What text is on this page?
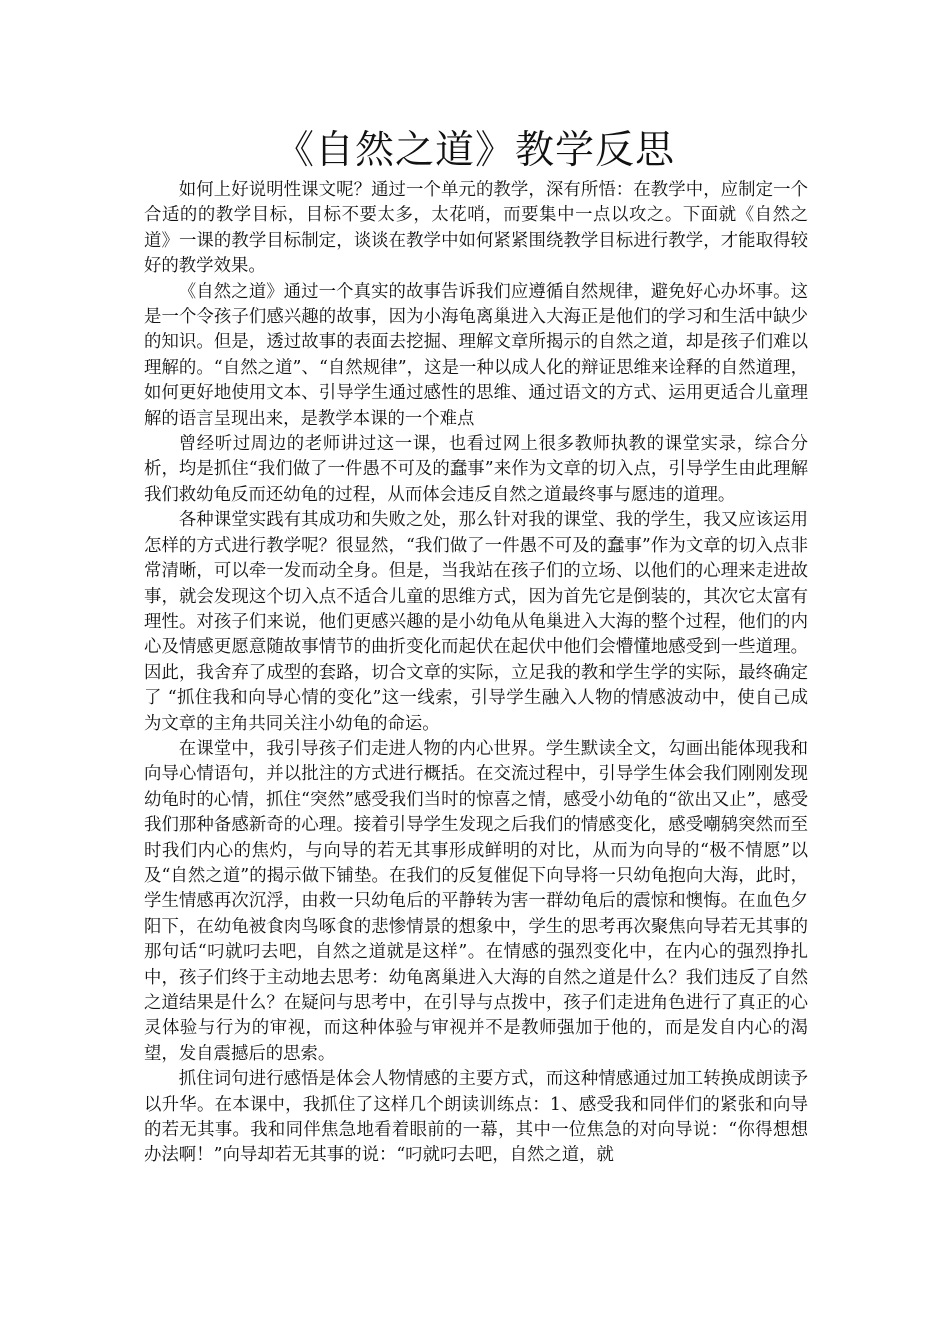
《自然之道》教学反思

如何上好说明性课文呢？通过一个单元的教学，深有所悟：在教学中，应制定一个合适的的教学目标，目标不要太多，太花哨，而要集中一点以攻之。下面就《自然之道》一课的教学目标制定，谈谈在教学中如何紧紧围绕教学目标进行教学，才能取得较好的教学效果。

《自然之道》通过一个真实的故事告诉我们应遵循自然规律，避免好心办坏事。这是一个令孩子们感兴趣的故事，因为小海龟离巢进入大海正是他们的学习和生活中缺少的知识。但是，透过故事的表面去挖掘、理解文章所揭示的自然之道，却是孩子们难以理解的。“自然之道”、“自然规律”，这是一种以成人化的辩证思维来诠释的自然道理，如何更好地使用文本、引导学生通过感性的思维、通过语文的方式、运用更适合儿童理解的语言呈现出来，是教学本课的一个难点

曾经听过周边的老师讲过这一课，也看过网上很多教师执教的课堂实录，综合分析，均是抓住“我们做了一件愚不可及的蠢事”来作为文章的切入点，引导学生由此理解我们救幼龟反而还幼龟的过程，从而体会违反自然之道最终事与愿违的道理。

各种课堂实践有其成功和失败之处，那么针对我的课堂、我的学生，我又应该运用怎样的方式进行教学呢？很显然，“我们做了一件愚不可及的蠢事”作为文章的切入点非常清晰，可以牵一发而动全身。但是，当我站在孩子们的立场、以他们的心理来走进故事，就会发现这个切入点不适合儿童的思维方式，因为首先它是倒装的，其次它太富有理性。对孩子们来说，他们更感兴趣的是小幼龟从龟巢进入大海的整个过程，他们的内心及情感更愿意随故事情节的曲折变化而起伏在起伏中他们会懵懂地感受到一些道理。因此，我舍弃了成型的套路，切合文章的实际，立足我的教和学生学的实际，最终确定了 “抓住我和向导心情的变化”这一线索，引导学生融入人物的情感波动中，使自己成为文章的主角共同关注小幼龟的命运。

在课堂中，我引导孩子们走进人物的内心世界。学生默读全文，勾画出能体现我和向导心情语句，并以批注的方式进行概括。在交流过程中，引导学生体会我们刚刚发现幼龟时的心情，抓住“突然”感受我们当时的惊喜之情，感受小幼龟的“欲出又止”，感受我们那种备感新奇的心理。接着引导学生发现之后我们的情感变化，感受嘲鸫突然而至时我们内心的焦灼，与向导的若无其事形成鲜明的对比，从而为向导的“极不情愿”以及“自然之道”的揭示做下铺垫。在我们的反复催促下向导将一只幼龟抱向大海，此时，学生情感再次沉浮，由救一只幼龟后的平静转为害一群幼龟后的震惊和懊悔。在血色夕阳下，在幼龟被食肉鸟啄食的悲惨情景的想象中，学生的思考再次聚焦向导若无其事的那句话“叼就叼去吧，自然之道就是这样”。在情感的强烈变化中，在内心的强烈挣扎中，孩子们终于主动地去思考：幼龟离巢进入大海的自然之道是什么？我们违反了自然之道结果是什么？在疑问与思考中，在引导与点拨中，孩子们走进角色进行了真正的心灵体验与行为的审视，而这种体验与审视并不是教师强加于他的，而是发自内心的渴望，发自震撼后的思索。

抓住词句进行感悟是体会人物情感的主要方式，而这种情感通过加工转换成朗读予以升华。在本课中，我抓住了这样几个朗读训练点：1、感受我和同伴们的紧张和向导的若无其事。我和同伴焦急地看着眼前的一幕，其中一位焦急的对向导说：“你得想想办法啊！”向导却若无其事的说：“叼就叼去吧，自然之道，就
